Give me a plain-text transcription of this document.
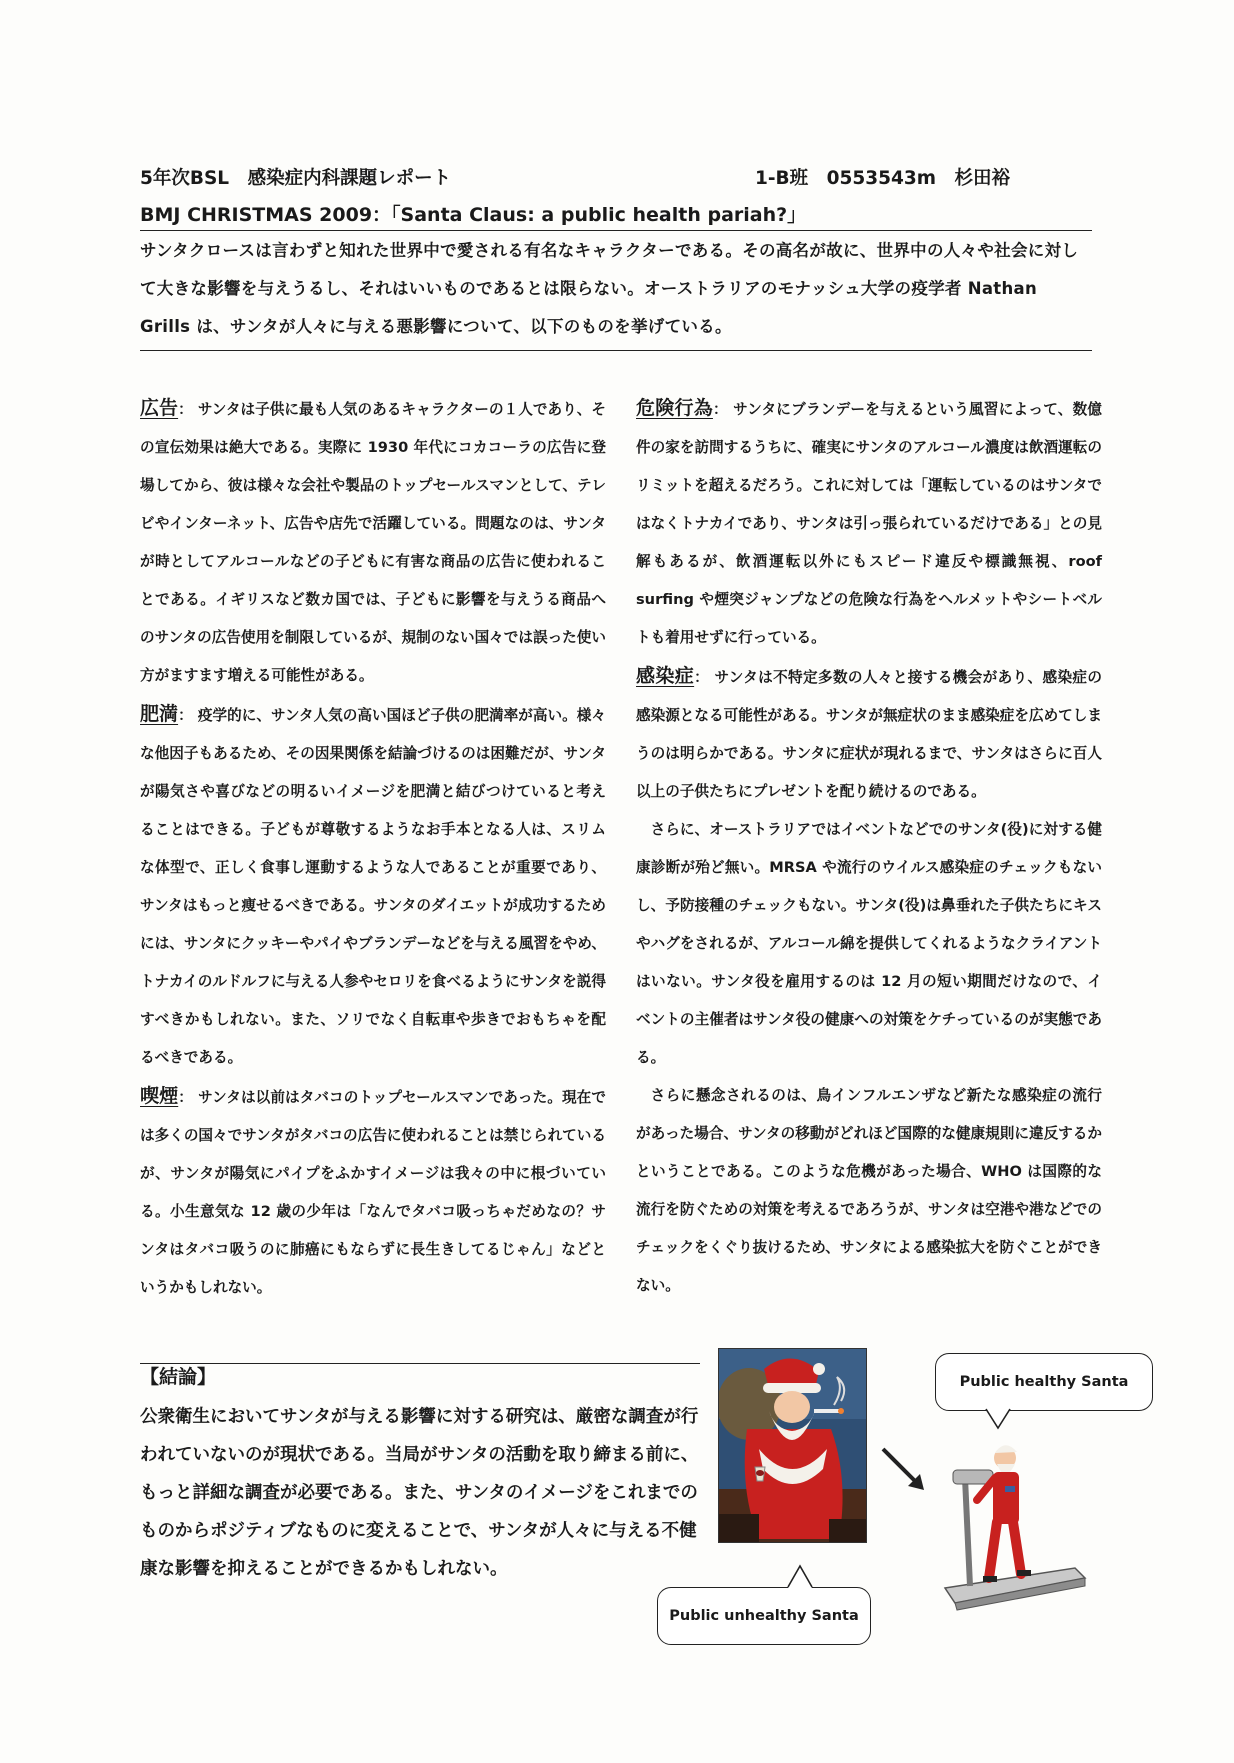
5年次BSL　感染症内科課題レポート	1-B班　0553543m　杉田裕
BMJ CHRISTMAS 2009：「Santa Claus: a public health pariah?」
サンタクロースは言わずと知れた世界中で愛される有名なキャラクターである。その高名が故に、世界中の人々や社会に対して大きな影響を与えうるし、それはいいものであるとは限らない。オーストラリアのモナッシュ大学の疫学者 Nathan Grills は、サンタが人々に与える悪影響について、以下のものを挙げている。

広告： サンタは子供に最も人気のあるキャラクターの１人であり、その宣伝効果は絶大である。実際に 1930 年代にコカコーラの広告に登場してから、彼は様々な会社や製品のトップセールスマンとして、テレビやインターネット、広告や店先で活躍している。問題なのは、サンタが時としてアルコールなどの子どもに有害な商品の広告に使われることである。イギリスなど数カ国では、子どもに影響を与えうる商品へのサンタの広告使用を制限しているが、規制のない国々では誤った使い方がますます増える可能性がある。

肥満： 疫学的に、サンタ人気の高い国ほど子供の肥満率が高い。様々な他因子もあるため、その因果関係を結論づけるのは困難だが、サンタが陽気さや喜びなどの明るいイメージを肥満と結びつけていると考えることはできる。子どもが尊敬するようなお手本となる人は、スリムな体型で、正しく食事し運動するような人であることが重要であり、サンタはもっと痩せるべきである。サンタのダイエットが成功するためには、サンタにクッキーやパイやブランデーなどを与える風習をやめ、トナカイのルドルフに与える人参やセロリを食べるようにサンタを説得すべきかもしれない。また、ソリでなく自転車や歩きでおもちゃを配るべきである。

喫煙： サンタは以前はタバコのトップセールスマンであった。現在では多くの国々でサンタがタバコの広告に使われることは禁じられているが、サンタが陽気にパイプをふかすイメージは我々の中に根づいている。小生意気な 12 歳の少年は「なんでタバコ吸っちゃだめなの？サンタはタバコ吸うのに肺癌にもならずに長生きしてるじゃん」などというかもしれない。

危険行為： サンタにブランデーを与えるという風習によって、数億件の家を訪問するうちに、確実にサンタのアルコール濃度は飲酒運転のリミットを超えるだろう。これに対しては「運転しているのはサンタではなくトナカイであり、サンタは引っ張られているだけである」との見解もあるが、飲酒運転以外にもスピード違反や標識無視、roof surfing や煙突ジャンプなどの危険な行為をヘルメットやシートベルトも着用せずに行っている。

感染症： サンタは不特定多数の人々と接する機会があり、感染症の感染源となる可能性がある。サンタが無症状のまま感染症を広めてしまうのは明らかである。サンタに症状が現れるまで、サンタはさらに百人以上の子供たちにプレゼントを配り続けるのである。

さらに、オーストラリアではイベントなどでのサンタ(役)に対する健康診断が殆ど無い。MRSA や流行のウイルス感染症のチェックもないし、予防接種のチェックもない。サンタ(役)は鼻垂れた子供たちにキスやハグをされるが、アルコール綿を提供してくれるようなクライアントはいない。サンタ役を雇用するのは 12 月の短い期間だけなので、イベントの主催者はサンタ役の健康への対策をケチっているのが実態である。

さらに懸念されるのは、鳥インフルエンザなど新たな感染症の流行があった場合、サンタの移動がどれほど国際的な健康規則に違反するかということである。このような危機があった場合、WHO は国際的な流行を防ぐための対策を考えるであろうが、サンタは空港や港などでのチェックをくぐり抜けるため、サンタによる感染拡大を防ぐことができない。

【結論】
公衆衛生においてサンタが与える影響に対する研究は、厳密な調査が行われていないのが現状である。当局がサンタの活動を取り締まる前に、もっと詳細な調査が必要である。また、サンタのイメージをこれまでのものからポジティブなものに変えることで、サンタが人々に与える不健康な影響を抑えることができるかもしれない。
Public healthy Santa
Public unhealthy Santa
